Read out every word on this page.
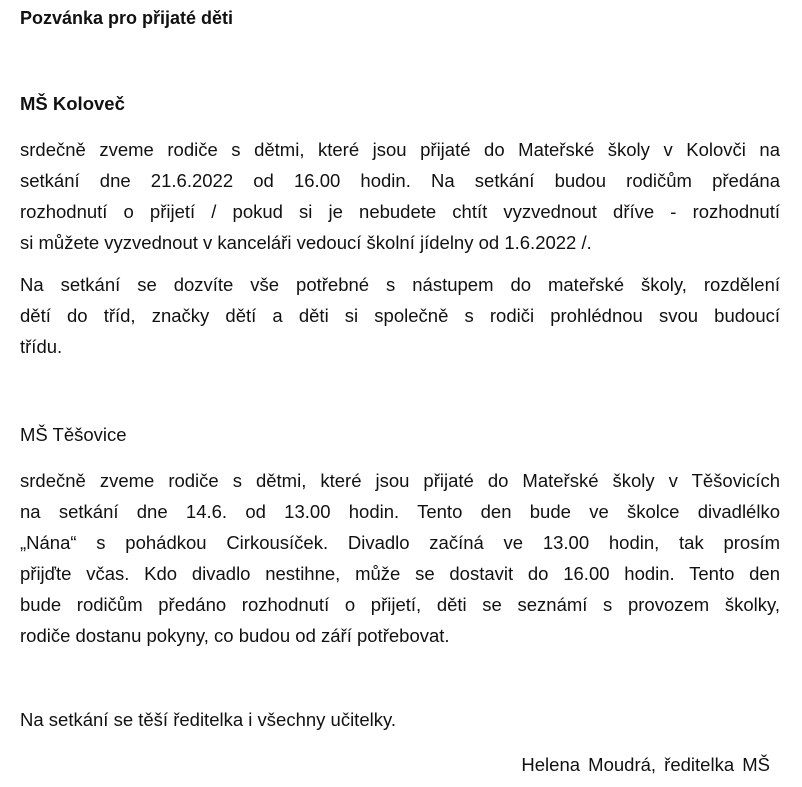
Pozvánka pro přijaté děti
MŠ Koloveč
srdečně zveme rodiče s dětmi, které jsou přijaté do Mateřské školy v Kolovči na
setkání dne 21.6.2022 od 16.00 hodin. Na setkání budou rodičům předána
rozhodnutí o přijetí / pokud si je nebudete chtít vyzvednout dříve - rozhodnutí
si můžete vyzvednout v kanceláři vedoucí školní jídelny od 1.6.2022 /.
Na setkání se dozvíte vše potřebné s nástupem do mateřské školy, rozdělení
dětí do tříd, značky dětí a děti si společně s rodiči prohlédnou svou budoucí
třídu.
MŠ Těšovice
srdečně zveme rodiče s dětmi, které jsou přijaté do Mateřské školy v Těšovicích
na setkání dne 14.6. od 13.00 hodin. Tento den bude ve školce divadlélko
„Nána“ s pohádkou Cirkousíček. Divadlo začíná ve 13.00 hodin, tak prosím
přijďte včas. Kdo divadlo nestihne, může se dostavit do 16.00 hodin. Tento den
bude rodičům předáno rozhodnutí o přijetí, děti se seznámí s provozem školky,
rodiče dostanu pokyny, co budou od září potřebovat.
Na setkání se těší ředitelka i všechny učitelky.
Helena Moudrá, ředitelka MŠ
